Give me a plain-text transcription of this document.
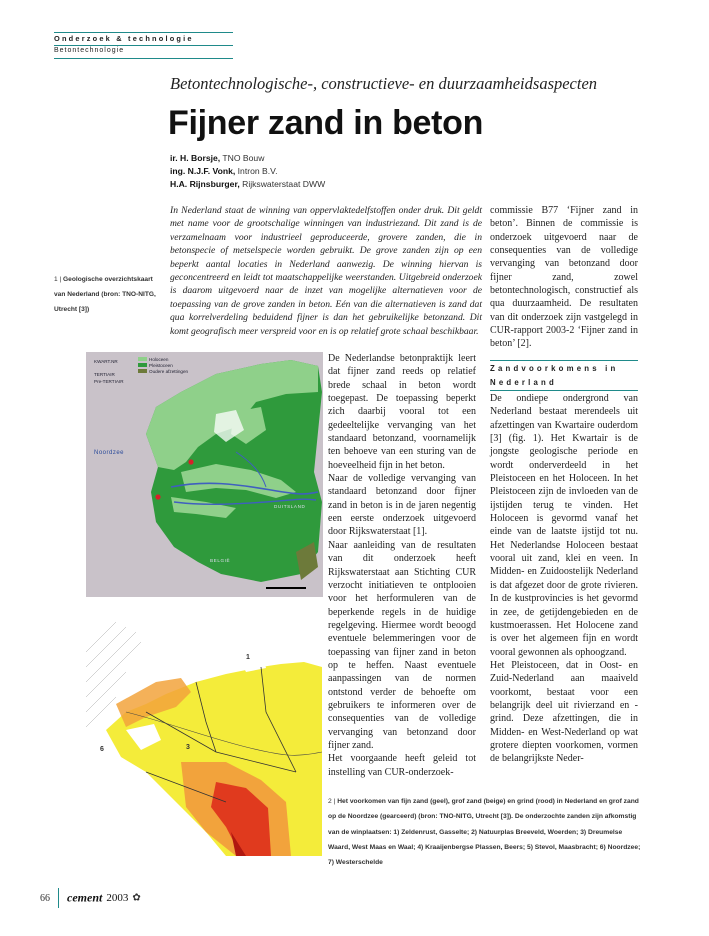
Onderzoek & technologie
Betontechnologie
Betontechnologische-, constructieve- en duurzaamheidsaspecten
Fijner zand in beton
ir. H. Borsje, TNO Bouw
ing. N.J.F. Vonk, Intron B.V.
H.A. Rijnsburger, Rijkswaterstaat DWW
In Nederland staat de winning van oppervlaktedelfstoffen onder druk. Dit geldt met name voor de grootschalige winningen van industriezand. Dit zand is de verzamelnaam voor industrieel geproduceerde, grovere zanden, die in betonspecie of metselspecie worden gebruikt. De grove zanden zijn op een beperkt aantal locaties in Nederland aanwezig. De winning hiervan is geconcentreerd en leidt tot maatschappelijke weerstanden. Uitgebreid onderzoek is daarom uitgevoerd naar de inzet van mogelijke alternatieven voor de toepassing van de grove zanden in beton. Eén van die alternatieven is zand dat qua korrelverdeling beduidend fijner is dan het gebruikelijke betonzand. Dit komt geografisch meer verspreid voor en is op relatief grote schaal beschikbaar.
1 | Geologische overzichtskaart van Nederland (bron: TNO-NITG, Utrecht [3])
commissie B77 ‘Fijner zand in beton’. Binnen de commissie is onderzoek uitgevoerd naar de consequenties van de volledige vervanging van betonzand door fijner zand, zowel betontechnologisch, constructief als qua duurzaamheid. De resultaten van dit onderzoek zijn vastgelegd in CUR-rapport 2003-2 ‘Fijner zand in beton’ [2].
Zandvoorkomens in Nederland

De Nederlandse betonpraktijk leert dat fijner zand reeds op relatief brede schaal in beton wordt toegepast. De toepassing beperkt zich daarbij vooral tot een gedeeltelijke vervanging van het standaard betonzand, voornamelijk ten behoeve van een sturing van de hoeveelheid fijn in het beton.

Naar de volledige vervanging van standaard betonzand door fijner zand in beton is in de jaren negentig een eerste onderzoek uitgevoerd door Rijkswaterstaat [1].

Naar aanleiding van de resultaten van dit onderzoek heeft Rijkswaterstaat aan Stichting CUR verzocht initiatieven te ontplooien voor het herformuleren van de beperkende regels in de huidige regelgeving. Hiermee wordt beoogd eventuele belemmeringen voor de toepassing van fijner zand in beton op te heffen. Naast eventuele aanpassingen van de normen ontstond verder de behoefte om gebruikers te informeren over de consequenties van de volledige vervanging van betonzand door fijner zand.

Het voorgaande heeft geleid tot instelling van CUR-onderzoek-

De ondiepe ondergrond van Nederland bestaat merendeels uit afzettingen van Kwartaire ouderdom [3] (fig. 1). Het Kwartair is de jongste geologische periode en wordt onderverdeeld in het Pleistoceen en het Holoceen. In het Pleistoceen zijn de invloeden van de ijstijden terug te vinden. Het Holoceen is gevormd vanaf het einde van de laatste ijstijd tot nu. Het Nederlandse Holoceen bestaat vooral uit zand, klei en veen. In Midden- en Zuidoostelijk Nederland is dat afgezet door de grote rivieren. In de kustprovincies is het gevormd in zee, de getijdengebieden en de kustmoerassen. Het Holocene zand is over het algemeen fijn en wordt vooral gewonnen als ophoogzand.

Het Pleistoceen, dat in Oost- en Zuid-Nederland aan maaiveld voorkomt, bestaat voor een belangrijk deel uit rivierzand en -grind. Deze afzettingen, die in Midden- en West-Nederland op wat grotere diepten voorkomen, vormen de belangrijkste Neder-

KWART.NR
TERTIAIR
Pre-TERTIAIR
Holoceen
Pleistoceen
Oudere afzettingen
Noordzee
DUITSLAND
BELGIË
1
3
6
2 | Het voorkomen van fijn zand (geel), grof zand (beige) en grind (rood) in Nederland en grof zand op de Noordzee (gearceerd) (bron: TNO-NITG, Utrecht [3]). De onderzochte zanden zijn afkomstig van de winplaatsen: 1) Zeldenrust, Gasselte; 2) Natuurplas Breeveld, Woerden; 3) Dreumelse Waard, West Maas en Waal; 4) Kraaijenbergse Plassen, Beers; 5) Stevol, Maasbracht; 6) Noordzee; 7) Westerschelde
66 cement 2003 ✿
